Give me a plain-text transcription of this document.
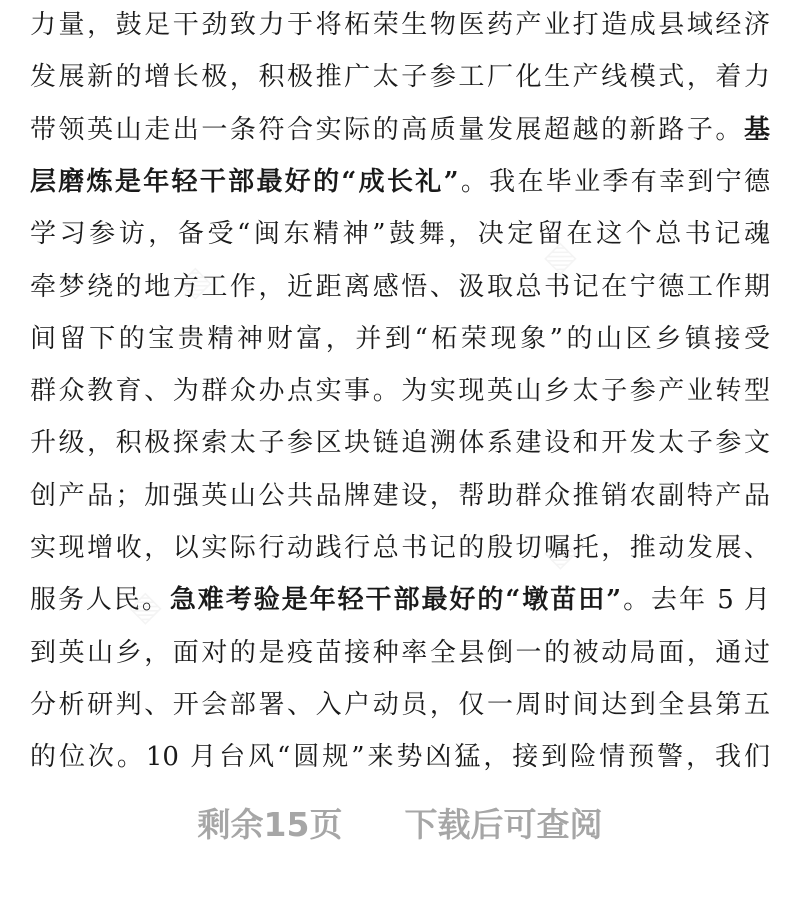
力量，鼓足干劲致力于将柘荣生物医药产业打造成县域经济
发展新的增长极，积极推广太子参工厂化生产线模式，着力
带领英山走出一条符合实际的高质量发展超越的新路子。基
层磨炼是年轻干部最好的“成长礼”。我在毕业季有幸到宁德
学习参访，备受“闽东精神”鼓舞，决定留在这个总书记魂
牵梦绕的地方工作，近距离感悟、汲取总书记在宁德工作期
间留下的宝贵精神财富，并到“柘荣现象”的山区乡镇接受
群众教育、为群众办点实事。为实现英山乡太子参产业转型
升级，积极探索太子参区块链追溯体系建设和开发太子参文
创产品；加强英山公共品牌建设，帮助群众推销农副特产品
实现增收，以实际行动践行总书记的殷切嘱托，推动发展、
服务人民。急难考验是年轻干部最好的“墩苗田”。去年 5 月
到英山乡，面对的是疫苗接种率全县倒一的被动局面，通过
分析研判、开会部署、入户动员，仅一周时间达到全县第五
的位次。10 月台风“圆规”来势凶猛，接到险情预警，我们
剩余15页 下载后可查阅
